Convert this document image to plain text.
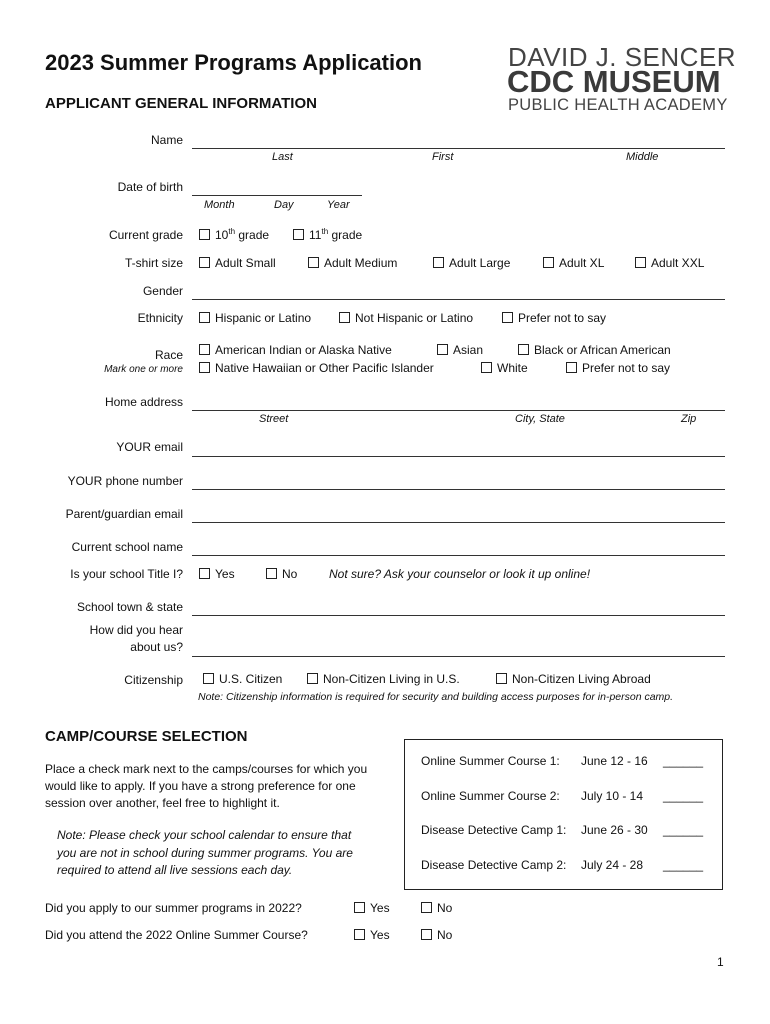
2023 Summer Programs Application
APPLICANT GENERAL INFORMATION
DAVID J. SENCER
CDC MUSEUM
PUBLIC HEALTH ACADEMY
Name
Last	First	Middle
Date of birth
Month	Day	Year
Current grade	10th grade	11th grade
T-shirt size	Adult Small	Adult Medium	Adult Large	Adult XL	Adult XXL
Gender
Ethnicity	Hispanic or Latino	Not Hispanic or Latino	Prefer not to say
Race
Mark one or more
American Indian or Alaska Native	Asian	Black or African American
Native Hawaiian or Other Pacific Islander	White	Prefer not to say
Home address
Street	City, State	Zip
YOUR email
YOUR phone number
Parent/guardian email
Current school name
Is your school Title I?	Yes	No	Not sure? Ask your counselor or look it up online!
School town & state
How did you hear
about us?
Citizenship	U.S. Citizen	Non-Citizen Living in U.S.	Non-Citizen Living Abroad
Note: Citizenship information is required for security and building access purposes for in-person camp.
CAMP/COURSE SELECTION
Place a check mark next to the camps/courses for which you would like to apply. If you have a strong preference for one session over another, feel free to highlight it.
Note: Please check your school calendar to ensure that you are not in school during summer programs. You are required to attend all live sessions each day.
Online Summer Course 1: June 12 - 16 ______
Online Summer Course 2: July 10 - 14 ______
Disease Detective Camp 1: June 26 - 30 ______
Disease Detective Camp 2: July 24 - 28 ______
Did you apply to our summer programs in 2022?	Yes	No
Did you attend the 2022 Online Summer Course?	Yes	No
1
